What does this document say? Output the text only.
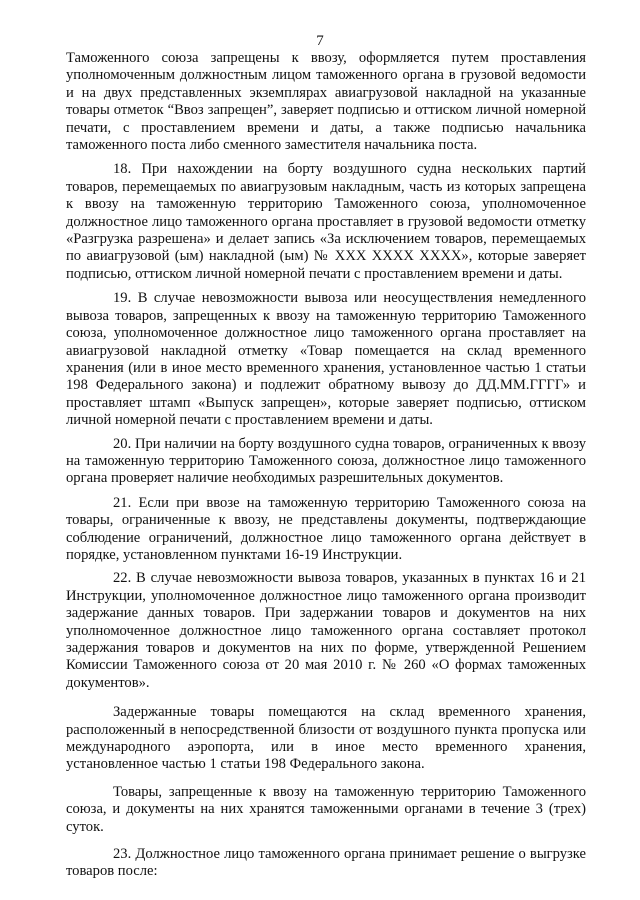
7

Таможенного союза запрещены к ввозу, оформляется путем проставления уполномоченным должностным лицом таможенного органа в грузовой ведомости и на двух представленных экземплярах авиагрузовой накладной на указанные товары отметок “Ввоз запрещен”, заверяет подписью и оттиском личной номерной печати, с проставлением времени и даты, а также подписью начальника таможенного поста либо сменного заместителя начальника поста.

18. При нахождении на борту воздушного судна нескольких партий товаров, перемещаемых по авиагрузовым накладным, часть из которых запрещена к ввозу на таможенную территорию Таможенного союза, уполномоченное должностное лицо таможенного органа проставляет в грузовой ведомости отметку «Разгрузка разрешена» и делает запись «За исключением товаров, перемещаемых по авиагрузовой (ым) накладной (ым) № ХХХ ХХХХ ХХХХ», которые заверяет подписью, оттиском личной номерной печати с проставлением времени и даты.

19. В случае невозможности вывоза или неосуществления немедленного вывоза товаров, запрещенных к ввозу на таможенную территорию Таможенного союза, уполномоченное должностное лицо таможенного органа проставляет на авиагрузовой накладной отметку «Товар помещается на склад временного хранения (или в иное место временного хранения, установленное частью 1 статьи 198 Федерального закона) и подлежит обратному вывозу до ДД.ММ.ГГГГ» и проставляет штамп «Выпуск запрещен», которые заверяет подписью, оттиском личной номерной печати с проставлением времени и даты.

20. При наличии на борту воздушного судна товаров, ограниченных к ввозу на таможенную территорию Таможенного союза, должностное лицо таможенного органа проверяет наличие необходимых разрешительных документов.

21. Если при ввозе на таможенную территорию Таможенного союза на товары, ограниченные к ввозу, не представлены документы, подтверждающие соблюдение ограничений, должностное лицо таможенного органа действует в порядке, установленном пунктами 16-19 Инструкции.

22. В случае невозможности вывоза товаров, указанных в пунктах 16 и 21 Инструкции, уполномоченное должностное лицо таможенного органа производит задержание данных товаров. При задержании товаров и документов на них уполномоченное должностное лицо таможенного органа составляет протокол задержания товаров и документов на них по форме, утвержденной Решением Комиссии Таможенного союза от 20 мая 2010 г. № 260 «О формах таможенных документов».

Задержанные товары помещаются на склад временного хранения, расположенный в непосредственной близости от воздушного пункта пропуска или международного аэропорта, или в иное место временного хранения, установленное частью 1 статьи 198 Федерального закона.

Товары, запрещенные к ввозу на таможенную территорию Таможенного союза, и документы на них хранятся таможенными органами в течение 3 (трех) суток.

23. Должностное лицо таможенного органа принимает решение о выгрузке товаров после:
